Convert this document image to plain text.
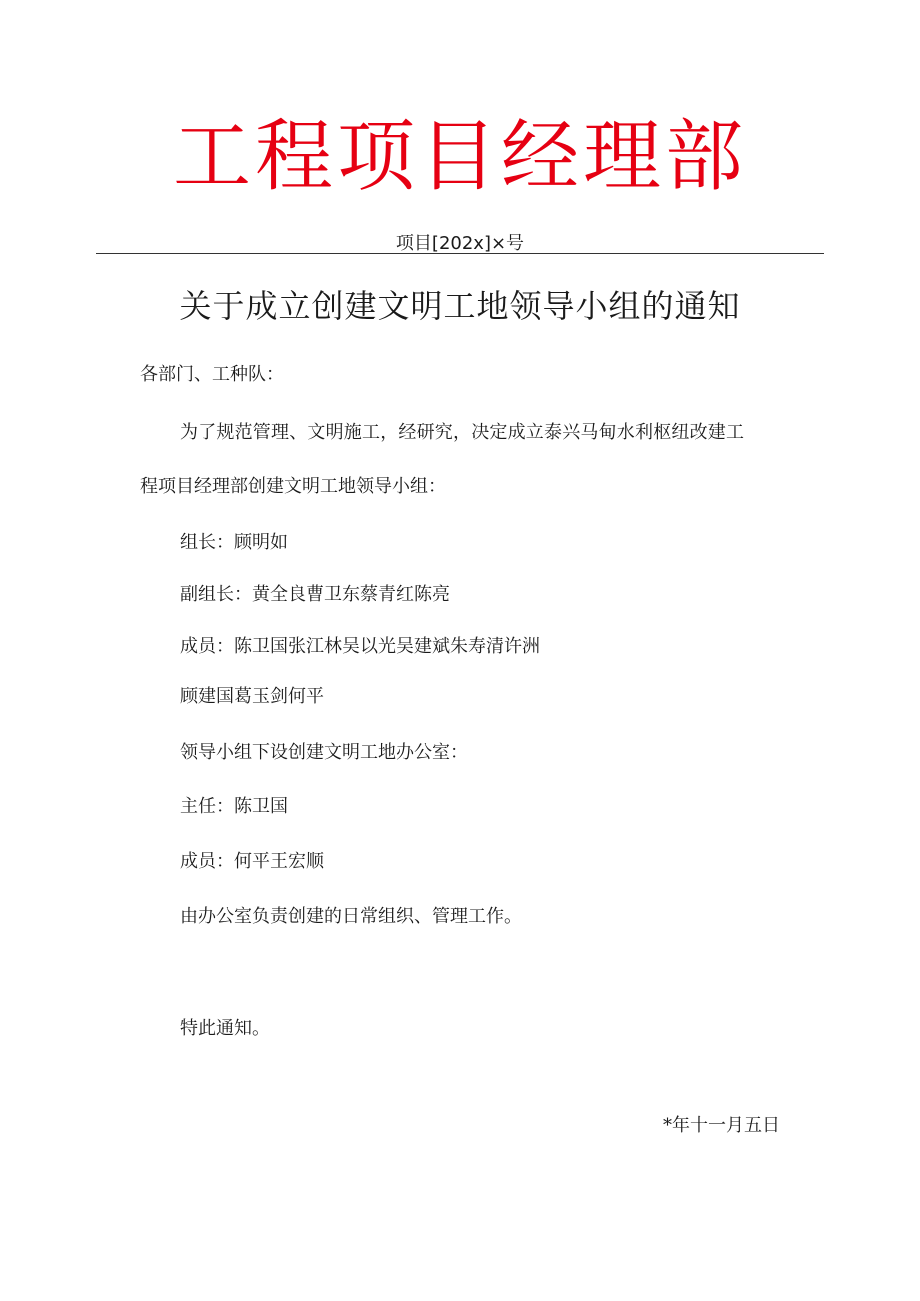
工程项目经理部
项目[202x]×号
关于成立创建文明工地领导小组的通知
各部门、工种队：
为了规范管理、文明施工，经研究，决定成立泰兴马甸水利枢纽改建工
程项目经理部创建文明工地领导小组：
组长：顾明如
副组长：黄全良曹卫东蔡青红陈亮
成员：陈卫国张江林吴以光吴建斌朱寿清许洲
顾建国葛玉剑何平
领导小组下设创建文明工地办公室：
主任：陈卫国
成员：何平王宏顺
由办公室负责创建的日常组织、管理工作。
特此通知。
*年十一月五日
